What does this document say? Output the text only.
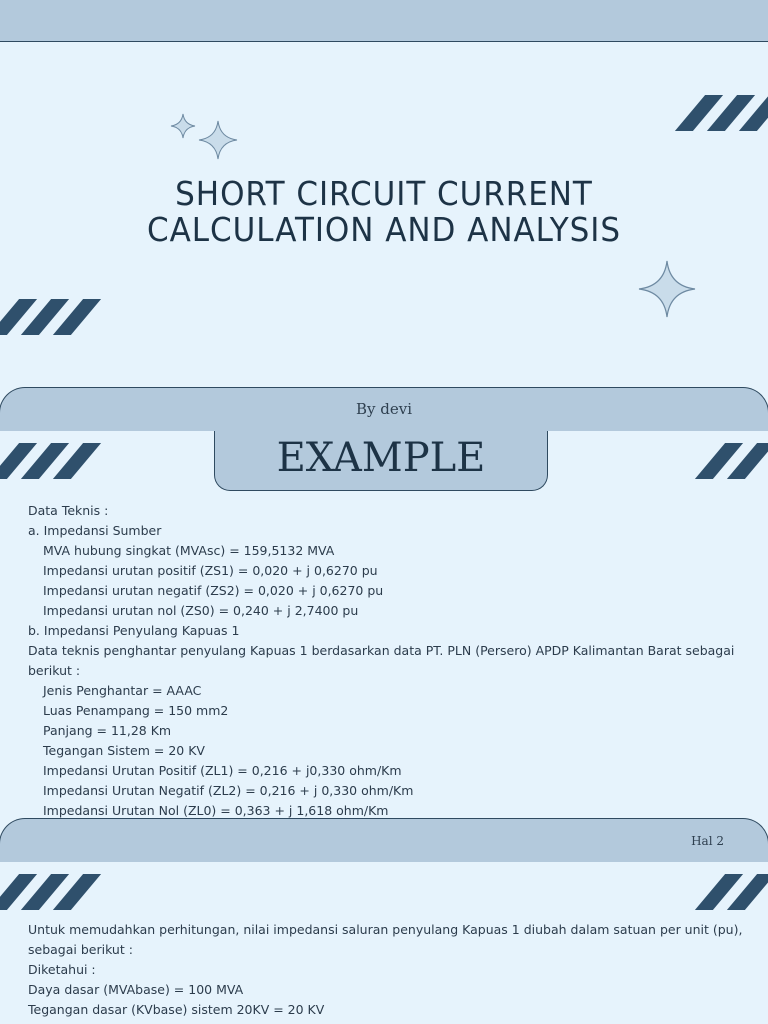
SHORT CIRCUIT CURRENT
CALCULATION AND ANALYSIS
By devi
EXAMPLE
Data Teknis :
a. Impedansi Sumber
MVA hubung singkat (MVAsc) = 159,5132 MVA
Impedansi urutan positif (ZS1) = 0,020 + j 0,6270 pu
Impedansi urutan negatif (ZS2) = 0,020 + j 0,6270 pu
Impedansi urutan nol (ZS0) = 0,240 + j 2,7400 pu
b. Impedansi Penyulang Kapuas 1
Data teknis penghantar penyulang Kapuas 1 berdasarkan data PT. PLN (Persero) APDP Kalimantan Barat sebagai berikut :
Jenis Penghantar = AAAC
Luas Penampang = 150 mm2
Panjang = 11,28 Km
Tegangan Sistem = 20 KV
Impedansi Urutan Positif (ZL1) = 0,216 + j0,330 ohm/Km
Impedansi Urutan Negatif (ZL2) = 0,216 + j 0,330 ohm/Km
Impedansi Urutan Nol (ZL0) = 0,363 + j 1,618 ohm/Km
Hal 2
Untuk memudahkan perhitungan, nilai impedansi saluran penyulang Kapuas 1 diubah dalam satuan per unit (pu), sebagai berikut :
Diketahui :
Daya dasar (MVAbase) = 100 MVA
Tegangan dasar (KVbase) sistem 20KV = 20 KV
